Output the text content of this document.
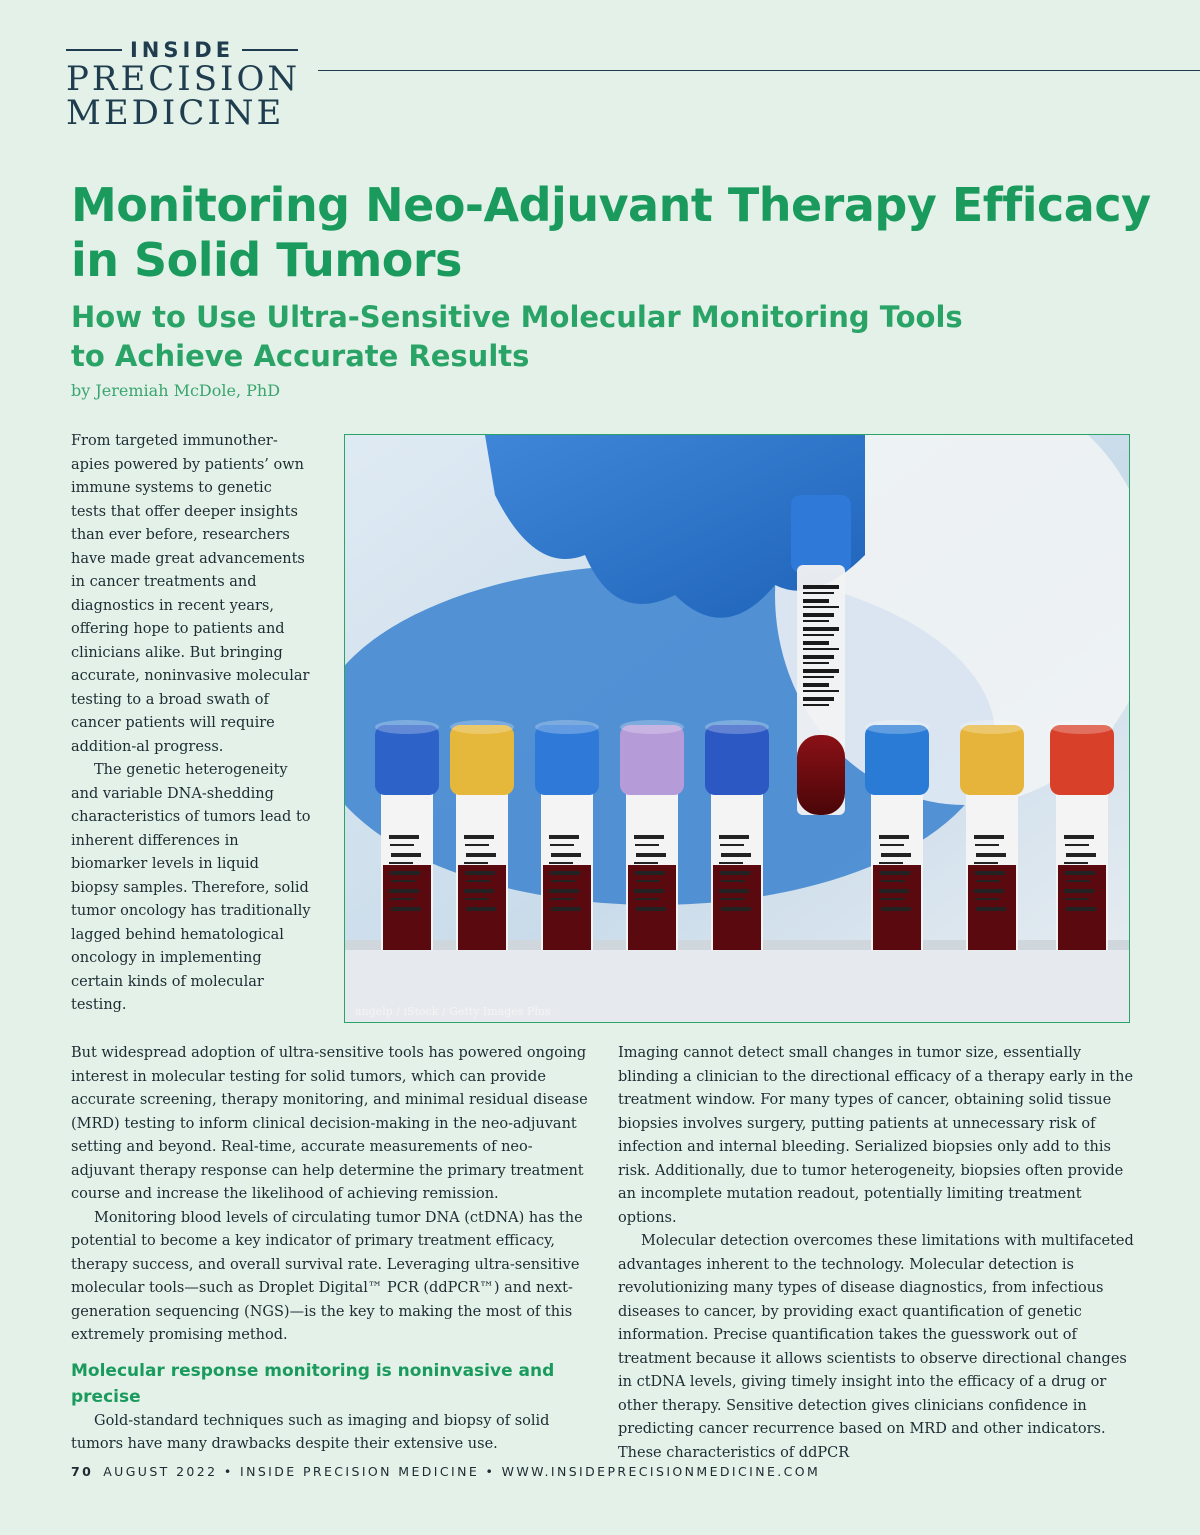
INSIDE
PRECISION
MEDICINE
Monitoring Neo-Adjuvant Therapy Efficacy in Solid Tumors
How to Use Ultra-Sensitive Molecular Monitoring Tools to Achieve Accurate Results
by Jeremiah McDole, PhD

From targeted immunother-apies powered by patients’ own immune systems to genetic tests that offer deeper insights than ever before, researchers have made great advancements in cancer treatments and diagnostics in recent years, offering hope to patients and clinicians alike. But bringing accurate, noninvasive molecular testing to a broad swath of cancer patients will require addition-al progress.

The genetic heterogeneity and variable DNA-shedding characteristics of tumors lead to inherent differences in biomarker levels in liquid biopsy samples. Therefore, solid tumor oncology has traditionally lagged behind hematological oncology in implementing certain kinds of molecular testing.	angelp / iStock / Getty Images Plus

But widespread adoption of ultra-sensitive tools has powered ongoing interest in molecular testing for solid tumors, which can provide accurate screening, therapy monitoring, and minimal residual disease (MRD) testing to inform clinical decision-making in the neo-adjuvant setting and beyond. Real-time, accurate measurements of neo-adjuvant therapy response can help determine the primary treatment course and increase the likelihood of achieving remission.

Monitoring blood levels of circulating tumor DNA (ctDNA) has the potential to become a key indicator of primary treatment efficacy, therapy success, and overall survival rate. Leveraging ultra-sensitive molecular tools—such as Droplet Digital™ PCR (ddPCR™) and next-generation sequencing (NGS)—is the key to making the most of this extremely promising method.

Molecular response monitoring is noninvasive and precise

Gold-standard techniques such as imaging and biopsy of solid tumors have many drawbacks despite their extensive use.

Imaging cannot detect small changes in tumor size, essentially blinding a clinician to the directional efficacy of a therapy early in the treatment window. For many types of cancer, obtaining solid tissue biopsies involves surgery, putting patients at unnecessary risk of infection and internal bleeding. Serialized biopsies only add to this risk. Additionally, due to tumor heterogeneity, biopsies often provide an incomplete mutation readout, potentially limiting treatment options.

Molecular detection overcomes these limitations with multifaceted advantages inherent to the technology. Molecular detection is revolutionizing many types of disease diagnostics, from infectious diseases to cancer, by providing exact quantification of genetic information. Precise quantification takes the guesswork out of treatment because it allows scientists to observe directional changes in ctDNA levels, giving timely insight into the efficacy of a drug or other therapy. Sensitive detection gives clinicians confidence in predicting cancer recurrence based on MRD and other indicators. These characteristics of ddPCR

70 AUGUST 2022 • INSIDE PRECISION MEDICINE • WWW.INSIDEPRECISIONMEDICINE.COM
